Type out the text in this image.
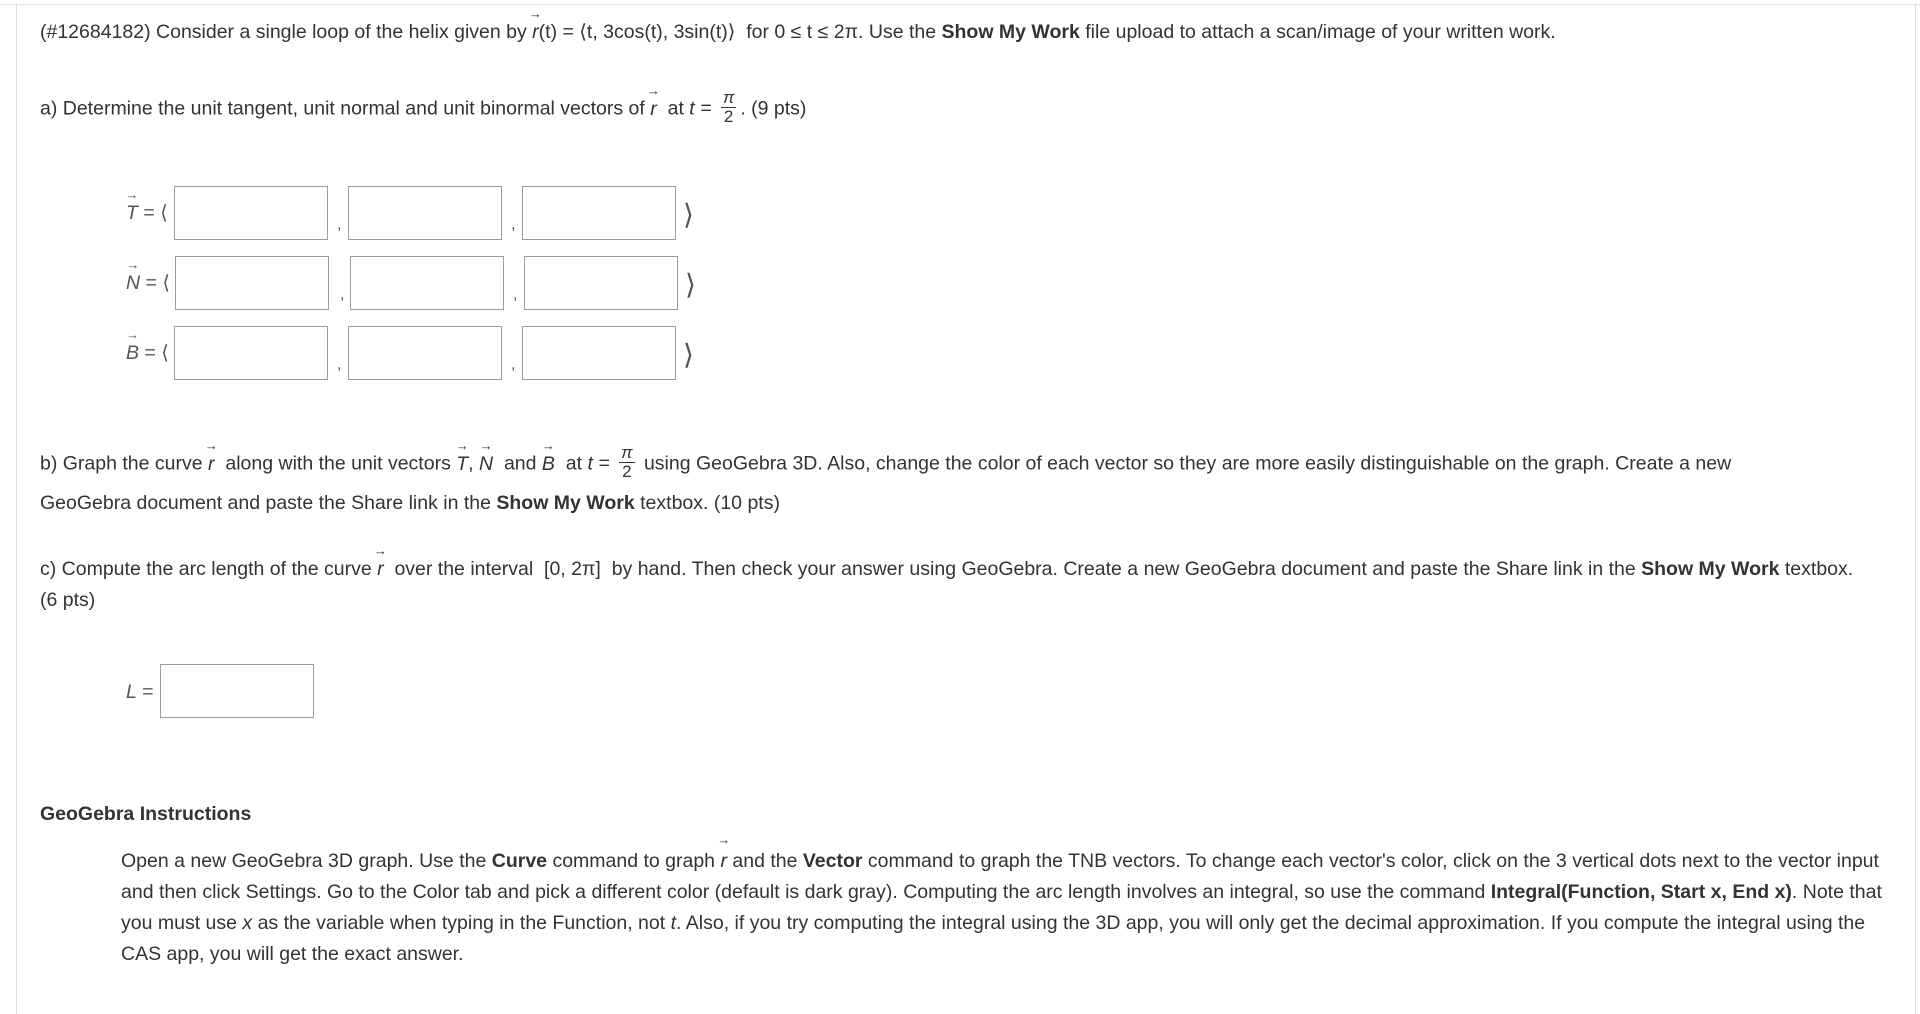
(#12684182) Consider a single loop of the helix given by
→
r(t) = ⟨t, 3cos(t), 3sin(t)⟩ for 0 ≤ t ≤ 2π. Use the Show My Work file upload to attach a scan/image of your written work.
a) Determine the unit tangent, unit normal and unit binormal vectors of
→
r at $t = \frac{\pi}{2}$ . (9 pts)
→
T = ⟨
,	,	⟩
→
N = ⟨
,	,	⟩
→
B = ⟨
,	,	⟩
b) Graph the curve
→
r along with the unit vectors
→
T,
→
N and
→
B at $t = \frac{\pi}{2}$ using GeoGebra 3D. Also, change the color of each vector so they are more easily distinguishable on the graph. Create a new
GeoGebra document and paste the Share link in the Show My Work textbox. (10 pts)
c) Compute the arc length of the curve
→
r over the interval [0, 2π] by hand. Then check your answer using GeoGebra. Create a new GeoGebra document and paste the Share link in the Show My Work textbox.
(6 pts)
L =
GeoGebra Instructions
Open a new GeoGebra 3D graph. Use the Curve command to graph
→
r and the Vector command to graph the TNB vectors. To change each vector's color, click on the 3 vertical dots next to the vector input and then click Settings. Go to the Color tab and pick a different color (default is dark gray). Computing the arc length involves an integral, so use the command Integral(Function, Start x, End x). Note that you must use x as the variable when typing in the Function, not t. Also, if you try computing the integral using the 3D app, you will only get the decimal approximation. If you compute the integral using the CAS app, you will get the exact answer.
